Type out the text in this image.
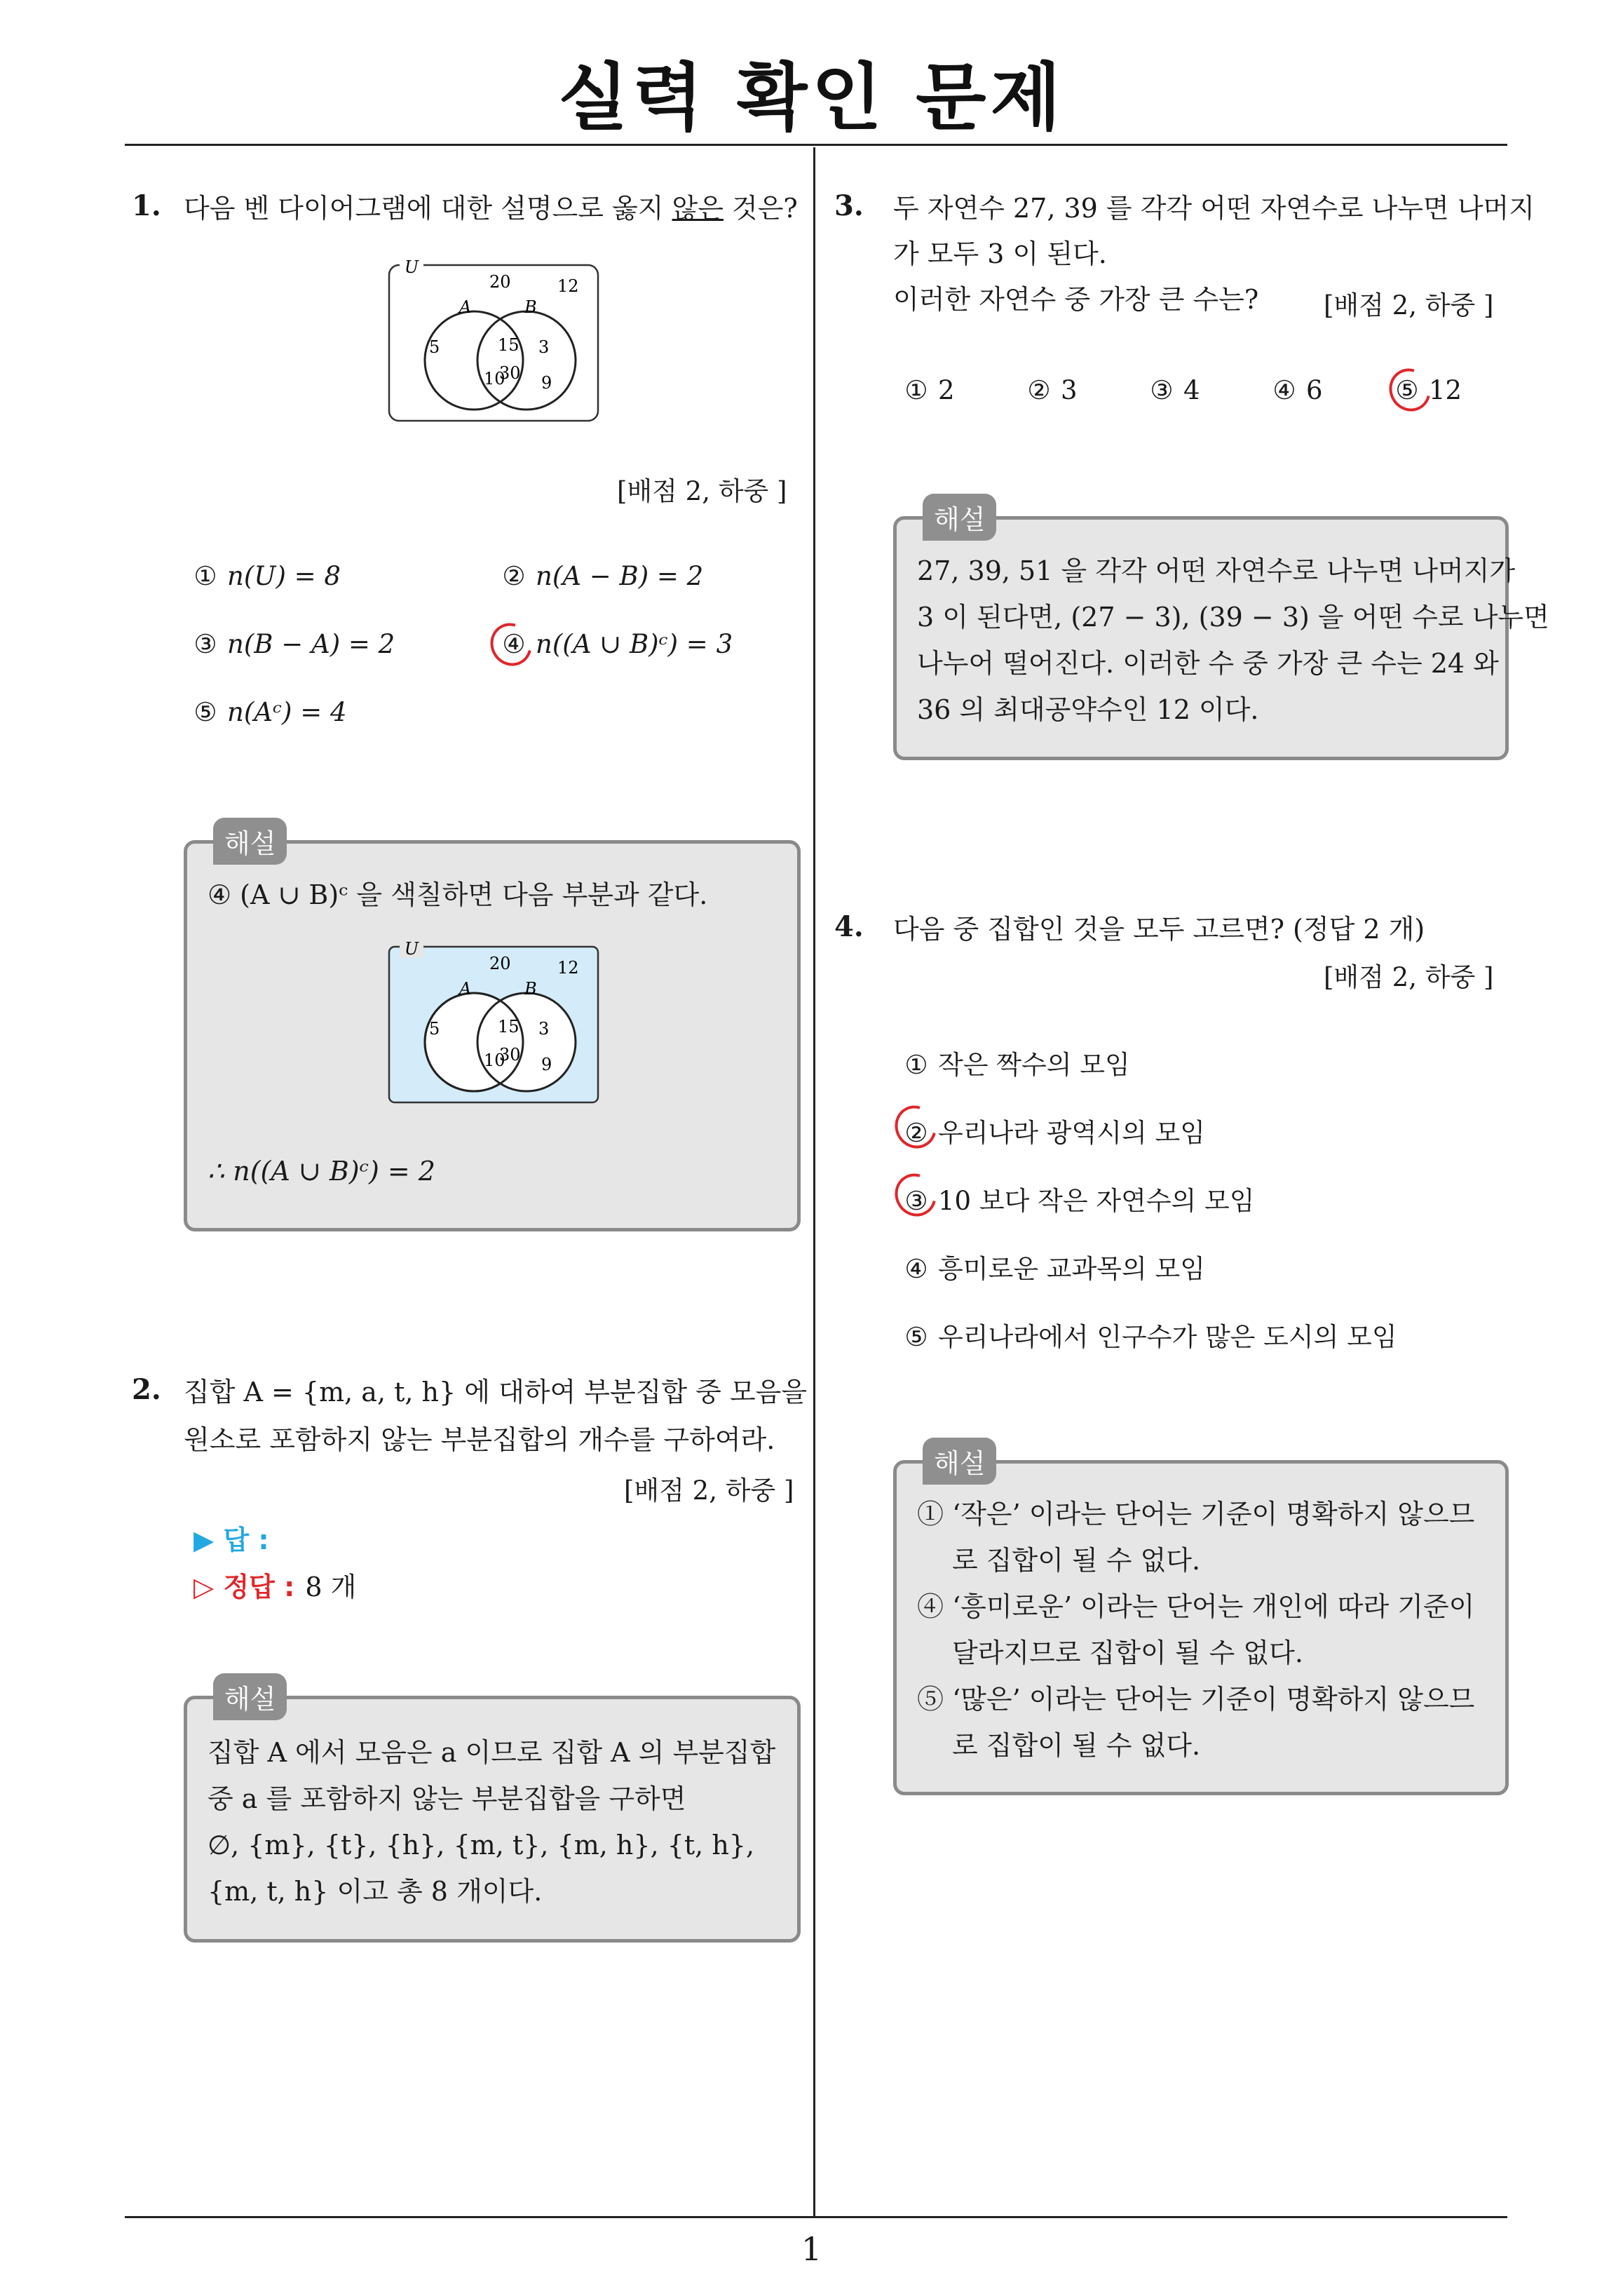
실력 확인 문제
1
1. 다음 벤 다이어그램에 대한 설명으로 옳지 않은 것은?
U
A	B
20	12
5	15 3
10
30 9
[배점 2, 하중 ]
① n(U) = 8	② n(A − B) = 2
③ n(B − A) = 2	④ n((A ∪ B)ᶜ) = 3
⑤ n(Aᶜ) = 4
해설
④ (A ∪ B)ᶜ 을 색칠하면 다음 부분과 같다.
U
A	B
20	12
5	15 3
10
30 9
∴ n((A ∪ B)ᶜ) = 2
2. 집합 A = {m, a, t, h} 에 대하여 부분집합 중 모음을
원소로 포함하지 않는 부분집합의 개수를 구하여라.
[배점 2, 하중 ]
▶ 답 :
▷ 정답 : 8 개
해설
집합 A 에서 모음은 a 이므로 집합 A 의 부분집합
중 a 를 포함하지 않는 부분집합을 구하면
∅, {m}, {t}, {h}, {m, t}, {m, h}, {t, h},
{m, t, h} 이고 총 8 개이다.
3. 두 자연수 27, 39 를 각각 어떤 자연수로 나누면 나머지
가 모두 3 이 된다.
이러한 자연수 중 가장 큰 수는?	[배점 2, 하중 ]
① 2	② 3	③ 4	④ 6	⑤ 12
해설
27, 39, 51 을 각각 어떤 자연수로 나누면 나머지가
3 이 된다면, (27 − 3), (39 − 3) 을 어떤 수로 나누면
나누어 떨어진다. 이러한 수 중 가장 큰 수는 24 와
36 의 최대공약수인 12 이다.
4. 다음 중 집합인 것을 모두 고르면? (정답 2 개)
[배점 2, 하중 ]
① 작은 짝수의 모임
② 우리나라 광역시의 모임
③ 10 보다 작은 자연수의 모임
④ 흥미로운 교과목의 모임
⑤ 우리나라에서 인구수가 많은 도시의 모임
해설
① ‘작은’ 이라는 단어는 기준이 명확하지 않으므
로 집합이 될 수 없다.
④ ‘흥미로운’ 이라는 단어는 개인에 따라 기준이
달라지므로 집합이 될 수 없다.
⑤ ‘많은’ 이라는 단어는 기준이 명확하지 않으므
로 집합이 될 수 없다.
